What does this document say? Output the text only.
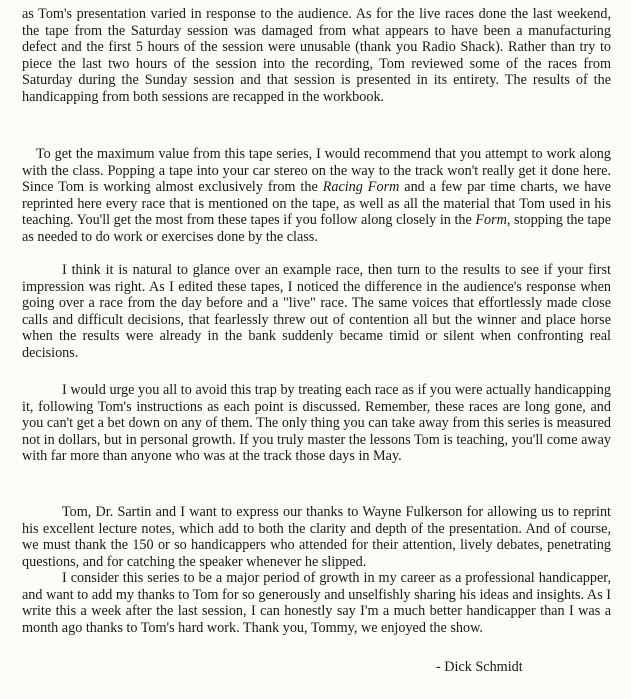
as Tom's presentation varied in response to the audience. As for the live races done the last weekend, the tape from the Saturday session was damaged from what appears to have been a manufacturing defect and the first 5 hours of the session were unusable (thank you Radio Shack). Rather than try to piece the last two hours of the session into the recording, Tom reviewed some of the races from Saturday during the Sunday session and that session is presented in its entirety. The results of the handicapping from both sessions are recapped in the workbook.

To get the maximum value from this tape series, I would recommend that you attempt to work along with the class. Popping a tape into your car stereo on the way to the track won't really get it done here. Since Tom is working almost exclusively from the Racing Form and a few par time charts, we have reprinted here every race that is mentioned on the tape, as well as all the material that Tom used in his teaching. You'll get the most from these tapes if you follow along closely in the Form, stopping the tape as needed to do work or exercises done by the class.

I think it is natural to glance over an example race, then turn to the results to see if your first impression was right. As I edited these tapes, I noticed the difference in the audience's response when going over a race from the day before and a "live" race. The same voices that effortlessly made close calls and difficult decisions, that fearlessly threw out of contention all but the winner and place horse when the results were already in the bank suddenly became timid or silent when confronting real decisions.

I would urge you all to avoid this trap by treating each race as if you were actually handicapping it, following Tom's instructions as each point is discussed. Remember, these races are long gone, and you can't get a bet down on any of them. The only thing you can take away from this series is measured not in dollars, but in personal growth. If you truly master the lessons Tom is teaching, you'll come away with far more than anyone who was at the track those days in May.

Tom, Dr. Sartin and I want to express our thanks to Wayne Fulkerson for allowing us to reprint his excellent lecture notes, which add to both the clarity and depth of the presentation. And of course, we must thank the 150 or so handicappers who attended for their attention, lively debates, penetrating questions, and for catching the speaker whenever he slipped.

I consider this series to be a major period of growth in my career as a professional handicapper, and want to add my thanks to Tom for so generously and unselfishly sharing his ideas and insights. As I write this a week after the last session, I can honestly say I'm a much better handicapper than I was a month ago thanks to Tom's hard work. Thank you, Tommy, we enjoyed the show.

- Dick Schmidt
